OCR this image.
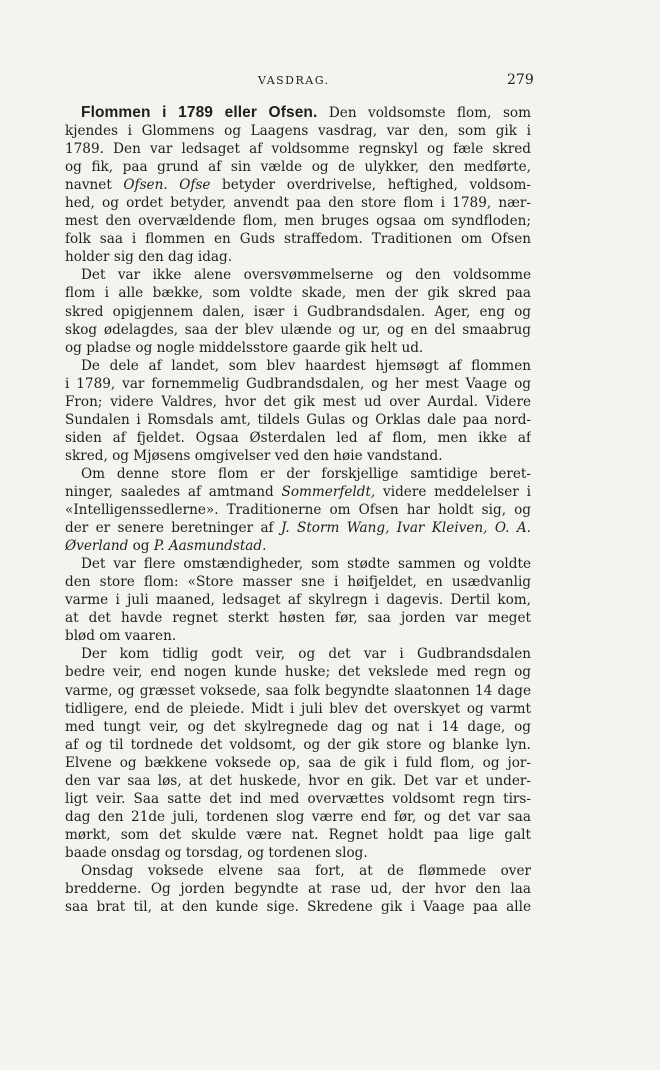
VASDRAG.	279
Flommen i 1789 eller Ofsen. Den voldsomste flom, som
kjendes i Glommens og Laagens vasdrag, var den, som gik i
1789. Den var ledsaget af voldsomme regnskyl og fæle skred
og fik, paa grund af sin vælde og de ulykker, den medførte,
navnet Ofsen. Ofse betyder overdrivelse, heftighed, voldsom-
hed, og ordet betyder, anvendt paa den store flom i 1789, nær-
mest den overvældende flom, men bruges ogsaa om syndfloden;
folk saa i flommen en Guds straffedom. Traditionen om Ofsen
holder sig den dag idag.
Det var ikke alene oversvømmelserne og den voldsomme
flom i alle bække, som voldte skade, men der gik skred paa
skred opigjennem dalen, især i Gudbrandsdalen. Ager, eng og
skog ødelagdes, saa der blev ulænde og ur, og en del smaabrug
og pladse og nogle middelsstore gaarde gik helt ud.
De dele af landet, som blev haardest hjemsøgt af flommen
i 1789, var fornemmelig Gudbrandsdalen, og her mest Vaage og
Fron; videre Valdres, hvor det gik mest ud over Aurdal. Videre
Sundalen i Romsdals amt, tildels Gulas og Orklas dale paa nord-
siden af fjeldet. Ogsaa Østerdalen led af flom, men ikke af
skred, og Mjøsens omgivelser ved den høie vandstand.
Om denne store flom er der forskjellige samtidige beret-
ninger, saaledes af amtmand Sommerfeldt, videre meddelelser i
«Intelligenssedlerne». Traditionerne om Ofsen har holdt sig, og
der er senere beretninger af J. Storm Wang, Ivar Kleiven, O. A.
Øverland og P. Aasmundstad.
Det var flere omstændigheder, som stødte sammen og voldte
den store flom: «Store masser sne i høifjeldet, en usædvanlig
varme i juli maaned, ledsaget af skylregn i dagevis. Dertil kom,
at det havde regnet sterkt høsten før, saa jorden var meget
blød om vaaren.
Der kom tidlig godt veir, og det var i Gudbrandsdalen
bedre veir, end nogen kunde huske; det vekslede med regn og
varme, og græsset voksede, saa folk begyndte slaatonnen 14 dage
tidligere, end de pleiede. Midt i juli blev det overskyet og varmt
med tungt veir, og det skylregnede dag og nat i 14 dage, og
af og til tordnede det voldsomt, og der gik store og blanke lyn.
Elvene og bækkene voksede op, saa de gik i fuld flom, og jor-
den var saa løs, at det huskede, hvor en gik. Det var et under-
ligt veir. Saa satte det ind med overvættes voldsomt regn tirs-
dag den 21de juli, tordenen slog værre end før, og det var saa
mørkt, som det skulde være nat. Regnet holdt paa lige galt
baade onsdag og torsdag, og tordenen slog.
Onsdag voksede elvene saa fort, at de flømmede over
bredderne. Og jorden begyndte at rase ud, der hvor den laa
saa brat til, at den kunde sige. Skredene gik i Vaage paa alle
